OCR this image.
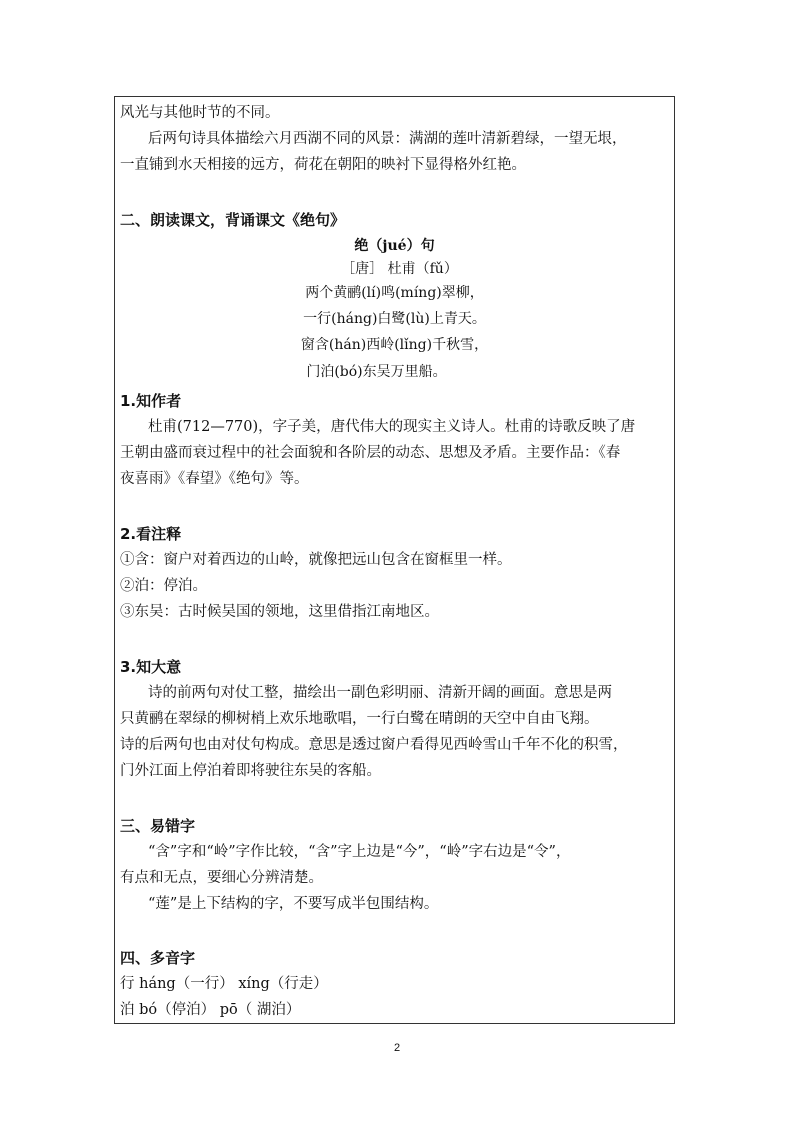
风光与其他时节的不同。
后两句诗具体描绘六月西湖不同的风景：满湖的莲叶清新碧绿，一望无垠，
一直铺到水天相接的远方，荷花在朝阳的映衬下显得格外红艳。
二、朗读课文，背诵课文《绝句》
绝（jué）句
［唐］ 杜甫（fǔ）
两个黄鹂(lí)鸣(míng)翠柳，
一行(háng)白鹭(lù)上青天。
窗含(hán)西岭(lǐng)千秋雪，
门泊(bó)东吴万里船。
1.知作者
杜甫(712—770)，字子美，唐代伟大的现实主义诗人。杜甫的诗歌反映了唐
王朝由盛而衰过程中的社会面貌和各阶层的动态、思想及矛盾。主要作品：《春
夜喜雨》《春望》《绝句》等。
2.看注释
①含：窗户对着西边的山岭，就像把远山包含在窗框里一样。
②泊：停泊。
③东吴：古时候吴国的领地，这里借指江南地区。
3.知大意
诗的前两句对仗工整，描绘出一副色彩明丽、清新开阔的画面。意思是两
只黄鹂在翠绿的柳树梢上欢乐地歌唱，一行白鹭在晴朗的天空中自由飞翔。
诗的后两句也由对仗句构成。意思是透过窗户看得见西岭雪山千年不化的积雪，
门外江面上停泊着即将驶往东吴的客船。
三、易错字
“含”字和“岭”字作比较，“含”字上边是“今”，“岭”字右边是“令”，
有点和无点，要细心分辨清楚。
“莲”是上下结构的字，不要写成半包围结构。
四、多音字
行 háng（一行） xíng（行走）
泊 bó（停泊） pō（ 湖泊）
2
